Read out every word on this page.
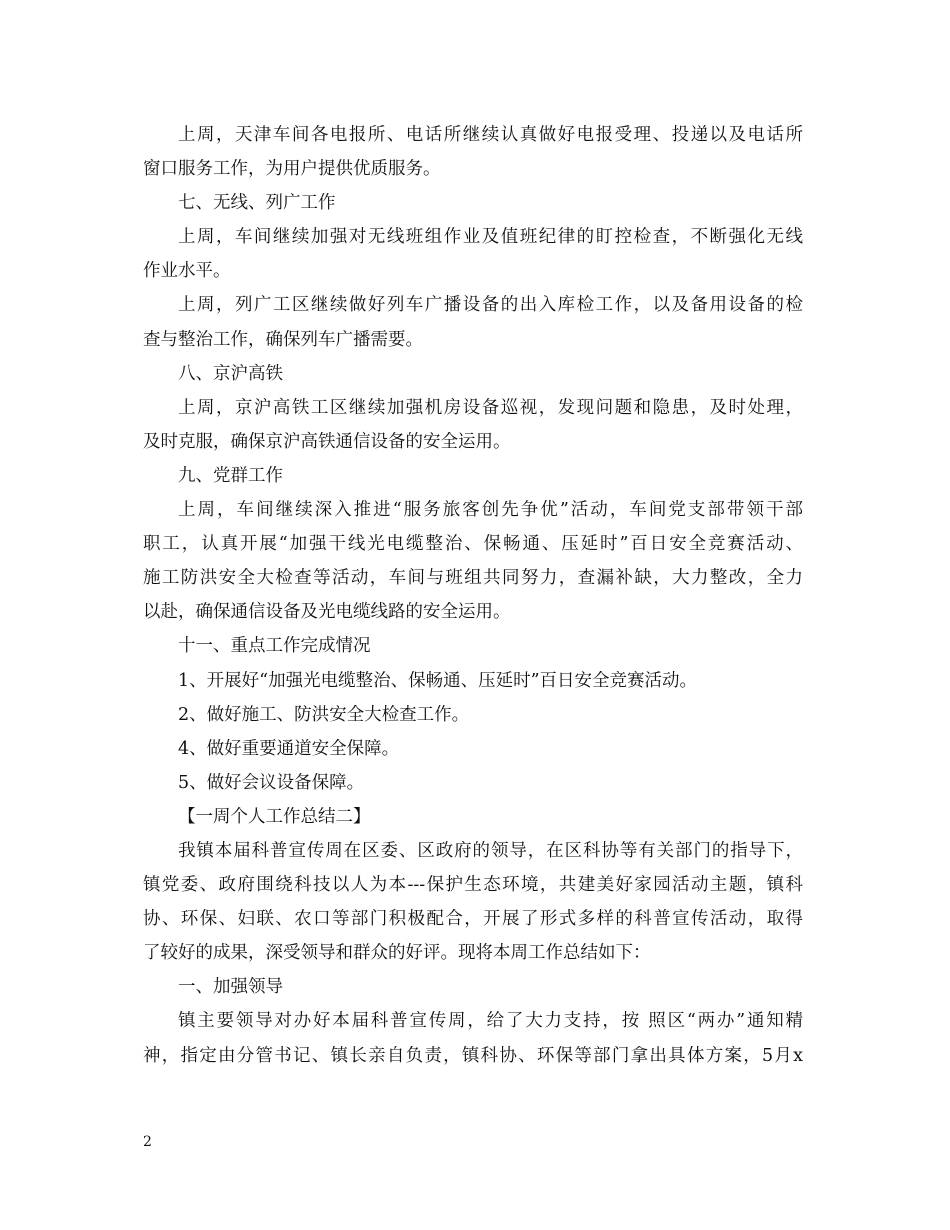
上周，天津车间各电报所、电话所继续认真做好电报受理、投递以及电话所
窗口服务工作，为用户提供优质服务。
七、无线、列广工作
上周，车间继续加强对无线班组作业及值班纪律的盯控检查，不断强化无线
作业水平。
上周，列广工区继续做好列车广播设备的出入库检工作，以及备用设备的检
查与整治工作，确保列车广播需要。
八、京沪高铁
上周，京沪高铁工区继续加强机房设备巡视，发现问题和隐患，及时处理，
及时克服，确保京沪高铁通信设备的安全运用。
九、党群工作
上周，车间继续深入推进“服务旅客创先争优”活动，车间党支部带领干部
职工，认真开展“加强干线光电缆整治、保畅通、压延时”百日安全竞赛活动、
施工防洪安全大检查等活动，车间与班组共同努力，查漏补缺，大力整改，全力
以赴，确保通信设备及光电缆线路的安全运用。
十一、重点工作完成情况
1、开展好“加强光电缆整治、保畅通、压延时”百日安全竞赛活动。
2、做好施工、防洪安全大检查工作。
4、做好重要通道安全保障。
5、做好会议设备保障。
【一周个人工作总结二】
我镇本届科普宣传周在区委、区政府的领导，在区科协等有关部门的指导下，
镇党委、政府围绕科技以人为本---保护生态环境，共建美好家园活动主题，镇科
协、环保、妇联、农口等部门积极配合，开展了形式多样的科普宣传活动，取得
了较好的成果，深受领导和群众的好评。现将本周工作总结如下：
一、加强领导
镇主要领导对办好本届科普宣传周，给了大力支持，按 照区“两办”通知精
神，指定由分管书记、镇长亲自负责，镇科协、环保等部门拿出具体方案，5月x
2
